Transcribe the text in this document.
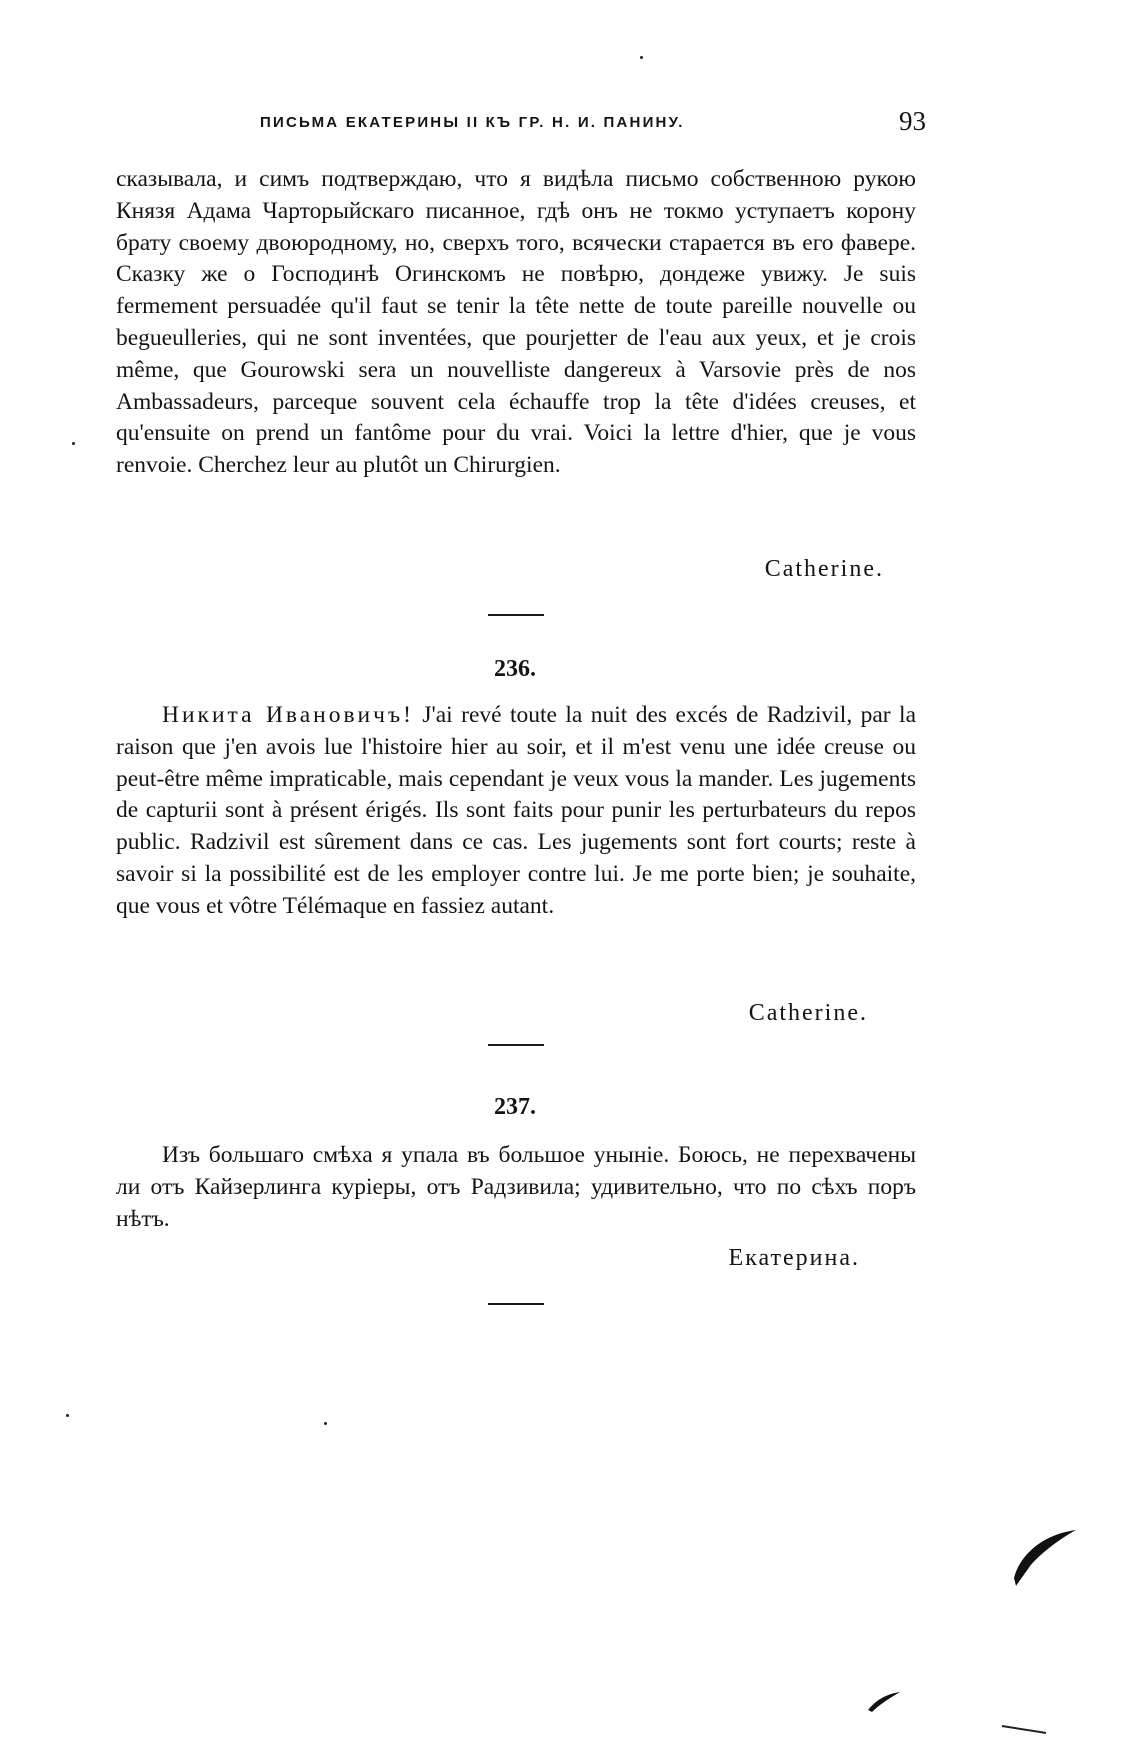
ПИСЬМА ЕКАТЕРИНЫ II КЪ ГР. Н. И. ПАНИНУ.	93

сказывала, и симъ подтверждаю, что я видѣла письмо собственною рукою Князя Адама Чарторыйскаго писанное, гдѣ онъ не токмо уступаетъ корону брату своему двоюродному, но, сверхъ того, всячески старается въ его фавере. Сказку же о Господинѣ Огинскомъ не повѣрю, дондеже увижу. Je suis fermement persuadée qu'il faut se tenir la tête nette de toute pareille nouvelle ou begueulleries, qui ne sont inventées, que pourjetter de l'eau aux yeux, et je crois même, que Gourowski sera un nouvelliste dangereux à Varsovie près de nos Ambassadeurs, parceque souvent cela échauffe trop la tête d'idées creuses, et qu'ensuite on prend un fantôme pour du vrai. Voici la lettre d'hier, que je vous renvoie. Cherchez leur au plutôt un Chirurgien.

Catherine.
236.

Никита Ивановичъ! J'ai revé toute la nuit des excés de Radzivil, par la raison que j'en avois lue l'histoire hier au soir, et il m'est venu une idée creuse ou peut-être même impraticable, mais cependant je veux vous la mander. Les jugements de capturii sont à présent érigés. Ils sont faits pour punir les perturbateurs du repos public. Radzivil est sûrement dans ce cas. Les jugements sont fort courts; reste à savoir si la possibilité est de les employer contre lui. Je me porte bien; je souhaite, que vous et vôtre Télémaque en fassiez autant.

Catherine.
237.

Изъ большаго смѣха я упала въ большое уныніе. Боюсь, не перехвачены ли отъ Кайзерлинга куріеры, отъ Радзивила; удивительно, что по сѣхъ поръ нѣтъ.

Екатерина.
